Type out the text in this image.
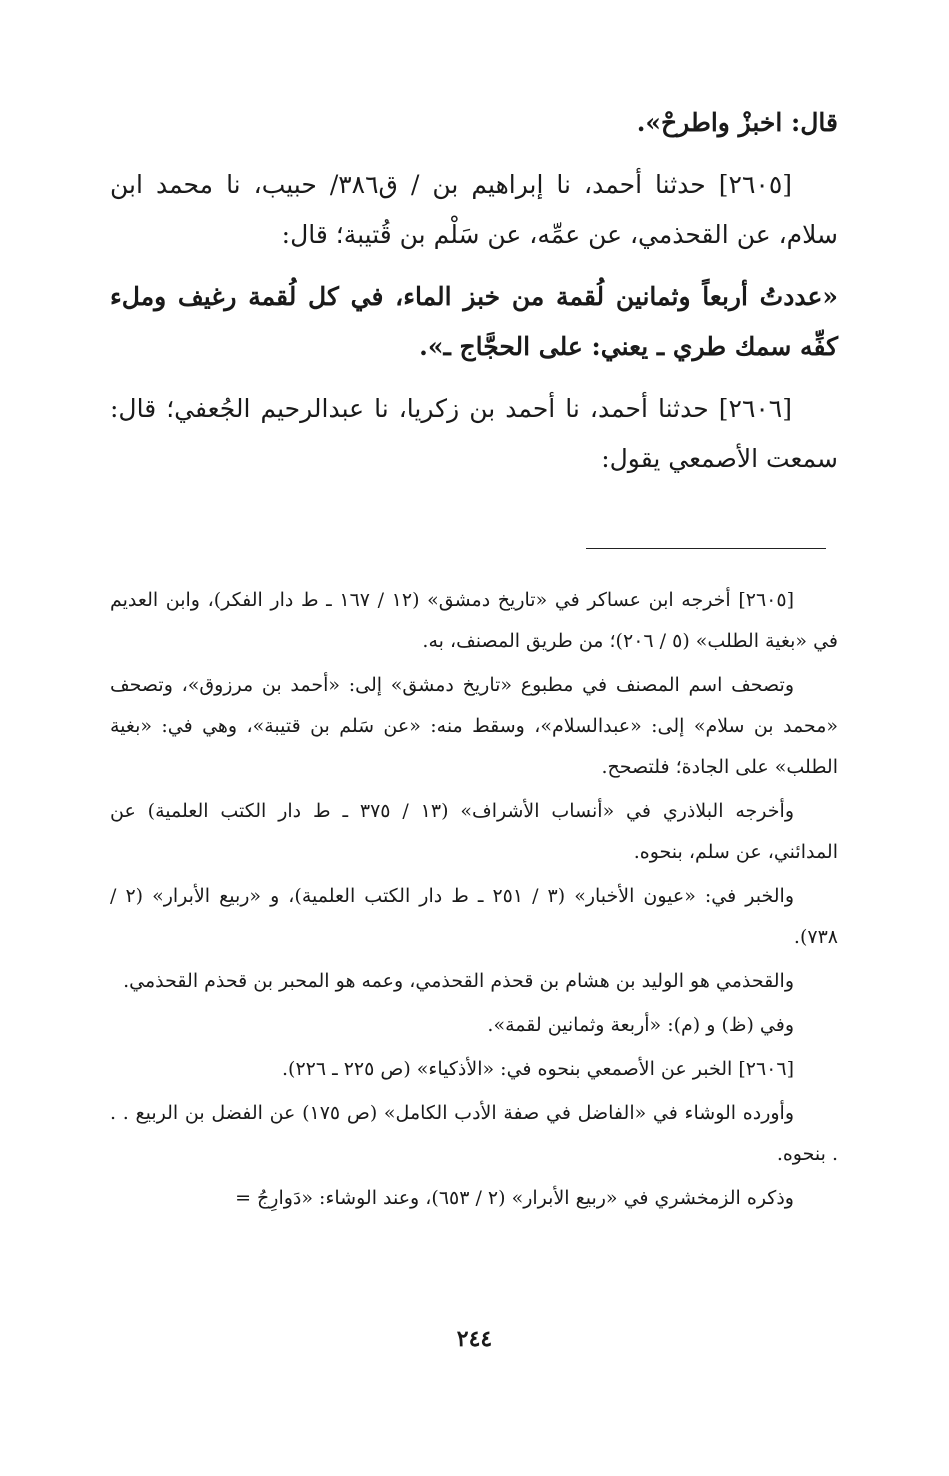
قال: اخبزْ واطرحْ».

[٢٦٠٥] حدثنا أحمد، نا إبراهيم بن / ق٣٨٦/ حبيب، نا محمد ابن سلام، عن القحذمي، عن عمِّه، عن سَلْم بن قُتيبة؛ قال:

«عددتُ أربعاً وثمانين لُقمة من خبز الماء، في كل لُقمة رغيف وملء كفِّه سمك طري ـ يعني: على الحجَّاج ـ».

[٢٦٠٦] حدثنا أحمد، نا أحمد بن زكريا، نا عبدالرحيم الجُعفي؛ قال: سمعت الأصمعي يقول:

[٢٦٠٥] أخرجه ابن عساكر في «تاريخ دمشق» (١٢ / ١٦٧ ـ ط دار الفكر)، وابن العديم في «بغية الطلب» (٥ / ٢٠٦)؛ من طريق المصنف، به.

وتصحف اسم المصنف في مطبوع «تاريخ دمشق» إلى: «أحمد بن مرزوق»، وتصحف «محمد بن سلام» إلى: «عبدالسلام»، وسقط منه: «عن سَلم بن قتيبة»، وهي في: «بغية الطلب» على الجادة؛ فلتصحح.

وأخرجه البلاذري في «أنساب الأشراف» (١٣ / ٣٧٥ ـ ط دار الكتب العلمية) عن المدائني، عن سلم، بنحوه.

والخبر في: «عيون الأخبار» (٣ / ٢٥١ ـ ط دار الكتب العلمية)، و «ربيع الأبرار» (٢ / ٧٣٨).

والقحذمي هو الوليد بن هشام بن قحذم القحذمي، وعمه هو المحبر بن قحذم القحذمي.

وفي (ظ) و (م): «أربعة وثمانين لقمة».

[٢٦٠٦] الخبر عن الأصمعي بنحوه في: «الأذكياء» (ص ٢٢٥ ـ ٢٢٦).

وأورده الوشاء في «الفاضل في صفة الأدب الكامل» (ص ١٧٥) عن الفضل بن الربيع . . . بنحوه.

وذكره الزمخشري في «ربيع الأبرار» (٢ / ٦٥٣)، وعند الوشاء: «دَوارِجُ =

٢٤٤
